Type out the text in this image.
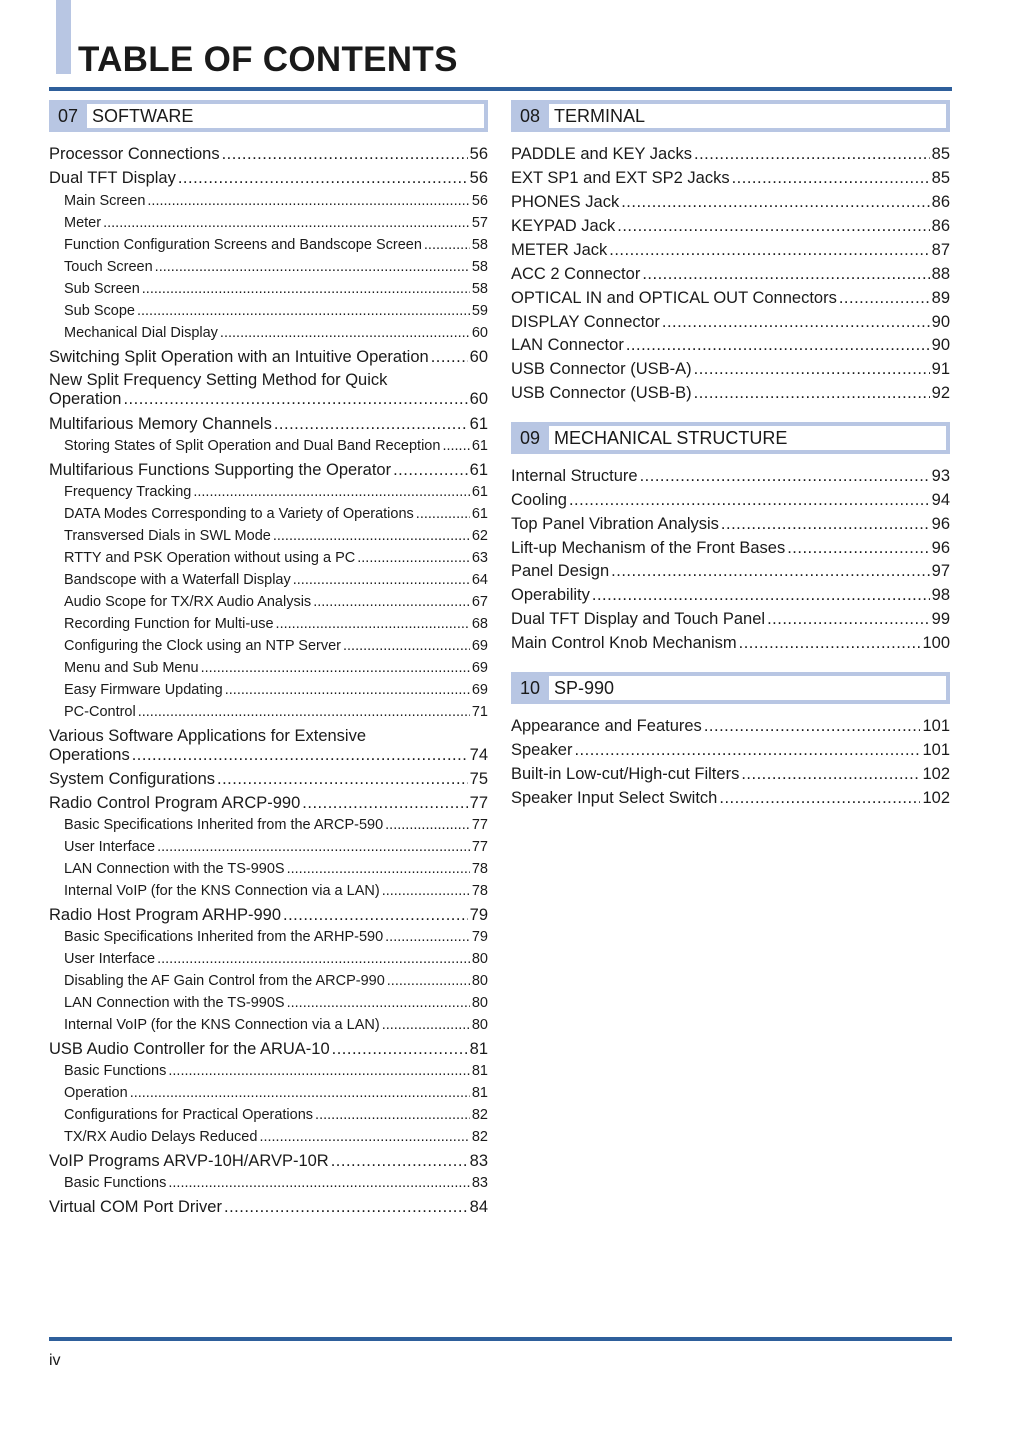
TABLE OF CONTENTS
07 SOFTWARE
Processor Connections .....	56
Dual TFT Display .....	56
Main Screen .....	56
Meter .....	57
Function Configuration Screens and Bandscope Screen .....	58
Touch Screen .....	58
Sub Screen .....	58
Sub Scope .....	59
Mechanical Dial Display .....	60
Switching Split Operation with an Intuitive Operation ..... 60
New Split Frequency Setting Method for Quick
Operation .....	60
Multifarious Memory Channels .....	61
Storing States of Split Operation and Dual Band Reception ..... 61
Multifarious Functions Supporting the Operator .....	61
Frequency Tracking .....	61
DATA Modes Corresponding to a Variety of Operations .....	61
Transversed Dials in SWL Mode .....	62
RTTY and PSK Operation without using a PC .....	63
Bandscope with a Waterfall Display .....	64
Audio Scope for TX/RX Audio Analysis .....	67
Recording Function for Multi-use .....	68
Configuring the Clock using an NTP Server .....	69
Menu and Sub Menu .....	69
Easy Firmware Updating .....	69
PC-Control .....	71
Various Software Applications for Extensive
Operations .....	74
System Configurations .....	75
Radio Control Program ARCP-990 .....	77
Basic Specifications Inherited from the ARCP-590 .....	77
User Interface .....	77
LAN Connection with the TS-990S .....	78
Internal VoIP (for the KNS Connection via a LAN) .....	78
Radio Host Program ARHP-990 .....	79
Basic Specifications Inherited from the ARHP-590 .....	79
User Interface .....	80
Disabling the AF Gain Control from the ARCP-990 .....	80
LAN Connection with the TS-990S .....	80
Internal VoIP (for the KNS Connection via a LAN) .....	80
USB Audio Controller for the ARUA-10 .....	81
Basic Functions .....	81
Operation .....	81
Configurations for Practical Operations .....	82
TX/RX Audio Delays Reduced .....	82
VoIP Programs ARVP-10H/ARVP-10R .....	83
Basic Functions .....	83
Virtual COM Port Driver .....	84
08 TERMINAL
PADDLE and KEY Jacks .....	85
EXT SP1 and EXT SP2 Jacks .....	85
PHONES Jack .....	86
KEYPAD Jack .....	86
METER Jack .....	87
ACC 2 Connector .....	88
OPTICAL IN and OPTICAL OUT Connectors .....	89
DISPLAY Connector .....	90
LAN Connector .....	90
USB Connector (USB-A) .....	91
USB Connector (USB-B) .....	92
09 MECHANICAL STRUCTURE
Internal Structure .....	93
Cooling .....	94
Top Panel Vibration Analysis .....	96
Lift-up Mechanism of the Front Bases .....	96
Panel Design .....	97
Operability .....	98
Dual TFT Display and Touch Panel .....	99
Main Control Knob Mechanism .....	100
10 SP-990
Appearance and Features .....	101
Speaker .....	101
Built-in Low-cut/High-cut Filters .....	102
Speaker Input Select Switch .....	102
iv
